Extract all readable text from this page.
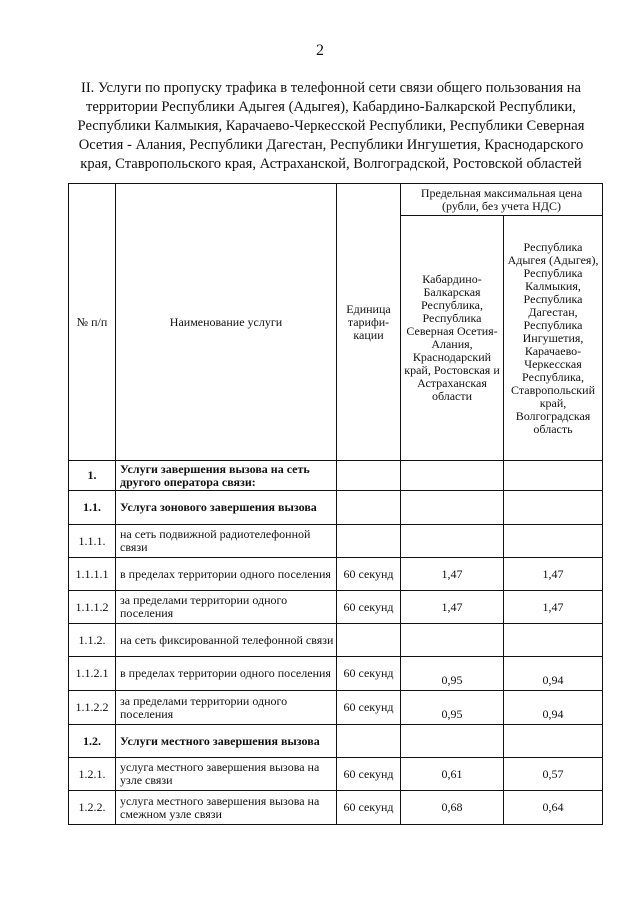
2
II. Услуги по пропуску трафика в телефонной сети связи общего пользования на территории Республики Адыгея (Адыгея), Кабардино-Балкарской Республики, Республики Калмыкия, Карачаево-Черкесской Республики, Республики Северная Осетия - Алания, Республики Дагестан, Республики Ингушетия, Краснодарского края, Ставропольского края, Астраханской, Волгоградской, Ростовской областей
№ п/п	Наименование услуги	Единица тарифи-кации	Предельная максимальная цена (рубли, без учета НДС)	
			Кабардино-Балкарская Республика, Республика Северная Осетия-Алания, Краснодарский край, Ростовская и Астраханская области	Республика Адыгея (Адыгея), Республика Калмыкия, Республика Дагестан, Республика Ингушетия, Карачаево-Черкесская Республика, Ставропольский край, Волгоградская область
1.	Услуги завершения вызова на сеть другого оператора связи:			
1.1.	Услуга зонового завершения вызова			
1.1.1.	на сеть подвижной радиотелефонной связи			
1.1.1.1	в пределах территории одного поселения	60 секунд	1,47	1,47
1.1.1.2	за пределами территории одного поселения	60 секунд	1,47	1,47
1.1.2.	на сеть фиксированной телефонной связи			
1.1.2.1	в пределах территории одного поселения	60 секунд	0,95	0,94
1.1.2.2	за пределами территории одного поселения	60 секунд	0,95	0,94
1.2.	Услуги местного завершения вызова			
1.2.1.	услуга местного завершения вызова на узле связи	60 секунд	0,61	0,57
1.2.2.	услуга местного завершения вызова на смежном узле связи	60 секунд	0,68	0,64
